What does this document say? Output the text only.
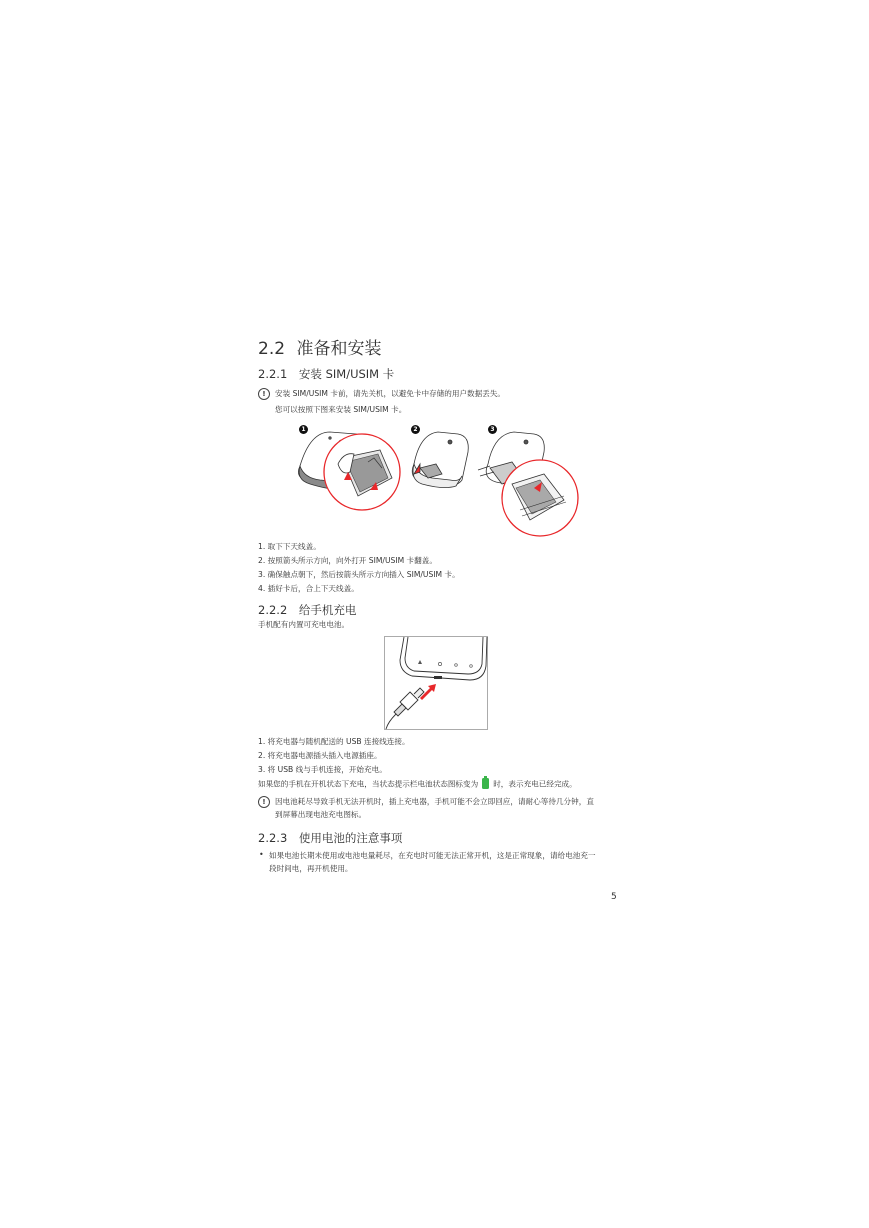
2.2 准备和安装
2.2.1 安装 SIM/USIM 卡
!	安装 SIM/USIM 卡前，请先关机，以避免卡中存储的用户数据丢失。
您可以按照下图来安装 SIM/USIM 卡。
1	2	3
1. 取下下天线盖。
2. 按照箭头所示方向，向外打开 SIM/USIM 卡翻盖。
3. 确保触点朝下，然后按箭头所示方向插入 SIM/USIM 卡。
4. 插好卡后，合上下天线盖。
2.2.2 给手机充电
手机配有内置可充电电池。
1. 将充电器与随机配送的 USB 连接线连接。
2. 将充电器电源插头插入电源插座。
3. 将 USB 线与手机连接，开始充电。
如果您的手机在开机状态下充电，当状态提示栏电池状态图标变为 时，表示充电已经完成。
!	因电池耗尽导致手机无法开机时，插上充电器，手机可能不会立即回应，请耐心等待几分钟，直
到屏幕出现电池充电图标。
2.2.3 使用电池的注意事项
• 如果电池长期未使用或电池电量耗尽，在充电时可能无法正常开机，这是正常现象，请给电池充一
段时间电，再开机使用。
5
